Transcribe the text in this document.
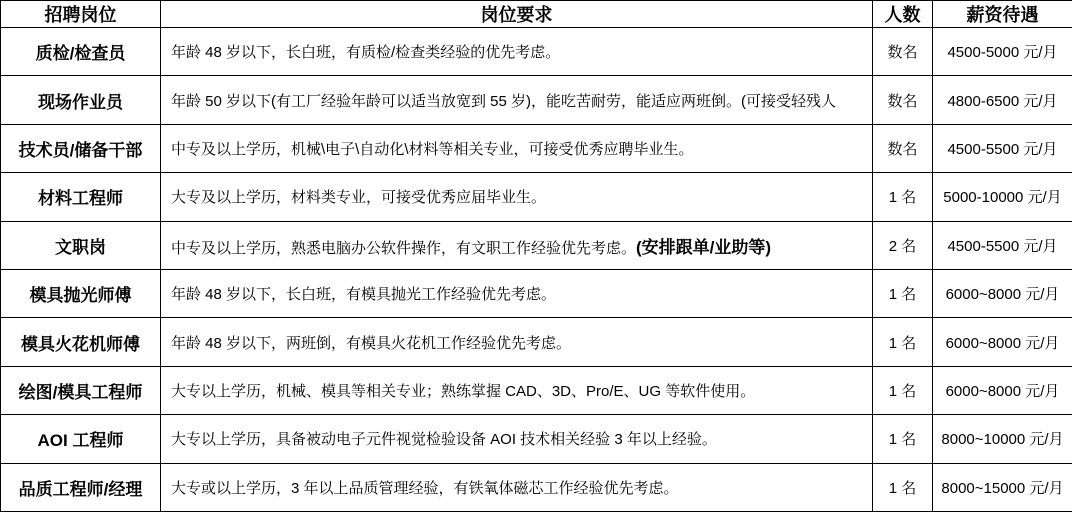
招聘岗位	岗位要求	人数	薪资待遇
质检/检查员	年龄 48 岁以下，长白班，有质检/检查类经验的优先考虑。	数名	4500-5000 元/月
现场作业员	年龄 50 岁以下(有工厂经验年龄可以适当放宽到 55 岁)，能吃苦耐劳，能适应两班倒。(可接受轻残人	数名	4800-6500 元/月
技术员/储备干部	中专及以上学历，机械\电子\自动化\材料等相关专业，可接受优秀应聘毕业生。	数名	4500-5500 元/月
材料工程师	大专及以上学历，材料类专业，可接受优秀应届毕业生。	1 名	5000-10000 元/月
文职岗	中专及以上学历，熟悉电脑办公软件操作，有文职工作经验优先考虑。(安排跟单/业助等)	2 名	4500-5500 元/月
模具抛光师傅	年龄 48 岁以下，长白班，有模具抛光工作经验优先考虑。	1 名	6000~8000 元/月
模具火花机师傅	年龄 48 岁以下，两班倒，有模具火花机工作经验优先考虑。	1 名	6000~8000 元/月
绘图/模具工程师	大专以上学历，机械、模具等相关专业；熟练掌握 CAD、3D、Pro/E、UG 等软件使用。	1 名	6000~8000 元/月
AOI 工程师	大专以上学历，具备被动电子元件视觉检验设备 AOI 技术相关经验 3 年以上经验。	1 名	8000~10000 元/月
品质工程师/经理	大专或以上学历，3 年以上品质管理经验，有铁氧体磁芯工作经验优先考虑。	1 名	8000~15000 元/月
